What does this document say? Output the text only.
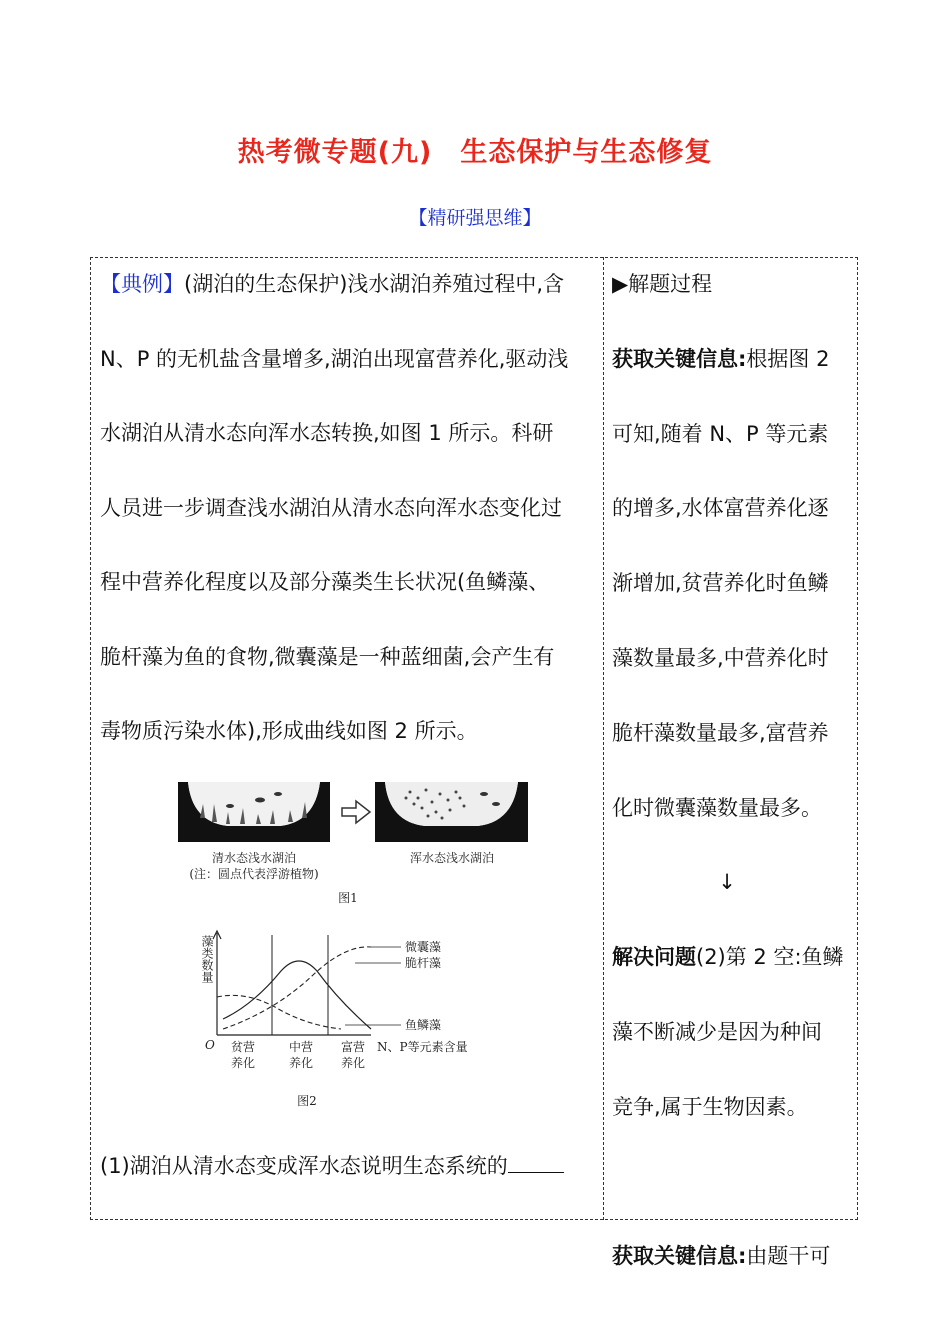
热考微专题(九)　生态保护与生态修复
【精研强思维】
【典例】(湖泊的生态保护)浅水湖泊养殖过程中,含
N、P 的无机盐含量增多,湖泊出现富营养化,驱动浅
水湖泊从清水态向浑水态转换,如图 1 所示。科研
人员进一步调查浅水湖泊从清水态向浑水态变化过
程中营养化程度以及部分藻类生长状况(鱼鳞藻、
脆杆藻为鱼的食物,微囊藻是一种蓝细菌,会产生有
毒物质污染水体),形成曲线如图 2 所示。
清水态浅水湖泊
(注：圆点代表浮游植物)
浑水态浅水湖泊
图1
微囊藻
脆杆藻
鱼鳞藻
藻类数量
O 贫营
养化
中营
养化
富营
养化
N、P等元素含量
图2
(1)湖泊从清水态变成浑水态说明生态系统的
▶解题过程
获取关键信息:根据图 2
可知,随着 N、P 等元素
的增多,水体富营养化逐
渐增加,贫营养化时鱼鳞
藻数量最多,中营养化时
脆杆藻数量最多,富营养
化时微囊藻数量最多。
↓
解决问题(2)第 2 空:鱼鳞
藻不断减少是因为种间
竞争,属于生物因素。
获取关键信息:由题干可
